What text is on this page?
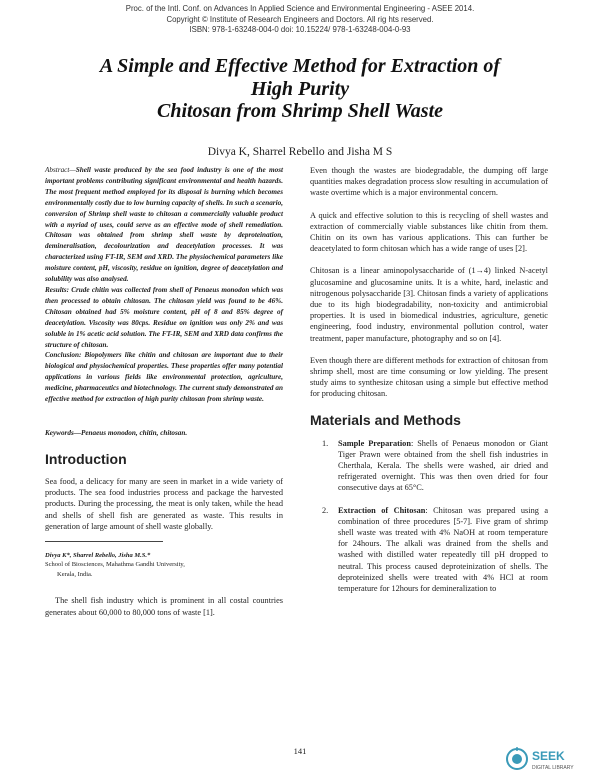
Proc. of the Intl. Conf. on Advances In Applied Science and Environmental Engineering - ASEE 2014.
Copyright © Institute of Research Engineers and Doctors. All rig hts reserved.
ISBN: 978-1-63248-004-0 doi: 10.15224/ 978-1-63248-004-0-93
A Simple and Effective Method for Extraction of
High Purity
Chitosan from Shrimp Shell Waste
Divya K, Sharrel Rebello and Jisha M S

Abstract—Shell waste produced by the sea food industry is one of the most important problems contributing significant environmental and health hazards. The most frequent method employed for its disposal is burning which becomes environmentally costly due to low burning capacity of shells. In such a scenario, conversion of Shrimp shell waste to chitosan a commercially valuable product with a myriad of uses, could serve as an effective mode of shell remediation. Chitosan was obtained from shrimp shell waste by deproteination, demineralisation, decolourization and deacetylation processes. It was characterized using FT-IR, SEM and XRD. The physiochemical parameters like moisture content, pH, viscosity, residue on ignition, degree of deacetylation and solubility was also analysed.

Results: Crude chitin was collected from shell of Penaeus monodon which was then processed to obtain chitosan. The chitosan yield was found to be 46%. Chitosan obtained had 5% moisture content, pH of 8 and 85% degree of deacetylation. Viscosity was 80cps. Residue on ignition was only 2% and was soluble in 1% acetic acid solution. The FT-IR, SEM and XRD data confirms the structure of chitosan.

Conclusion: Biopolymers like chitin and chitosan are important due to their biological and physiochemical properties. These properties offer many potential applications in various fields like environmental protection, agriculture, medicine, pharmaceutics and biotechnology. The current study demonstrated an effective method for extraction of high purity chitosan from shrimp waste.

Keywords—Penaeus monodon, chitin, chitosan.

Introduction

Sea food, a delicacy for many are seen in market in a wide variety of products. The sea food industries process and package the harvested products. During the processing, the meat is only taken, while the head and shells of shell fish are generated as waste. This results in generation of large amount of shell waste globally.

Divya K*, Sharrel Rebello, Jisha M.S.*

School of Biosciences, Mahathma Gandhi University,

Kerala, India.

The shell fish industry which is prominent in all costal countries generates about 60,000 to 80,000 tons of waste [1].

Even though the wastes are biodegradable, the dumping off large quantities makes degradation process slow resulting in accumulation of waste overtime which is a major environmental concern.

A quick and effective solution to this is recycling of shell wastes and extraction of commercially viable substances like chitin from them. Chitin on its own has various applications. This can further be deacetylated to form chitosan which has a wide range of uses [2].

Chitosan is a linear aminopolysaccharide of (1→4) linked N-acetyl glucosamine and glucosamine units. It is a white, hard, inelastic and nitrogenous polysaccharide [3]. Chitosan finds a variety of applications due to its high biodegradability, non-toxicity and antimicrobial properties. It is used in biomedical industries, agriculture, genetic engineering, food industry, environmental pollution control, water treatment, paper manufacture, photography and so on [4].

Even though there are different methods for extraction of chitosan from shrimp shell, most are time consuming or low yielding. The present study aims to synthesize chitosan using a simple but effective method for producing chitosan.

Materials and Methods
1.	Sample Preparation: Shells of Penaeus monodon or Giant Tiger Prawn were obtained from the shell fish industries in Cherthala, Kerala. The shells were washed, air dried and refrigerated overnight. This was then oven dried for four consecutive days at 65°C.
2.	Extraction of Chitosan: Chitosan was prepared using a combination of three procedures [5-7]. Five gram of shrimp shell waste was treated with 4% NaOH at room temperature for 24hours. The alkali was drained from the shells and washed with distilled water repeatedly till pH dropped to neutral. This process caused deproteinization of shells. The deproteinized shells were treated with 4% HCl at room temperature for 12hours for demineralization to
141	SEEK
DIGITAL LIBRARY
